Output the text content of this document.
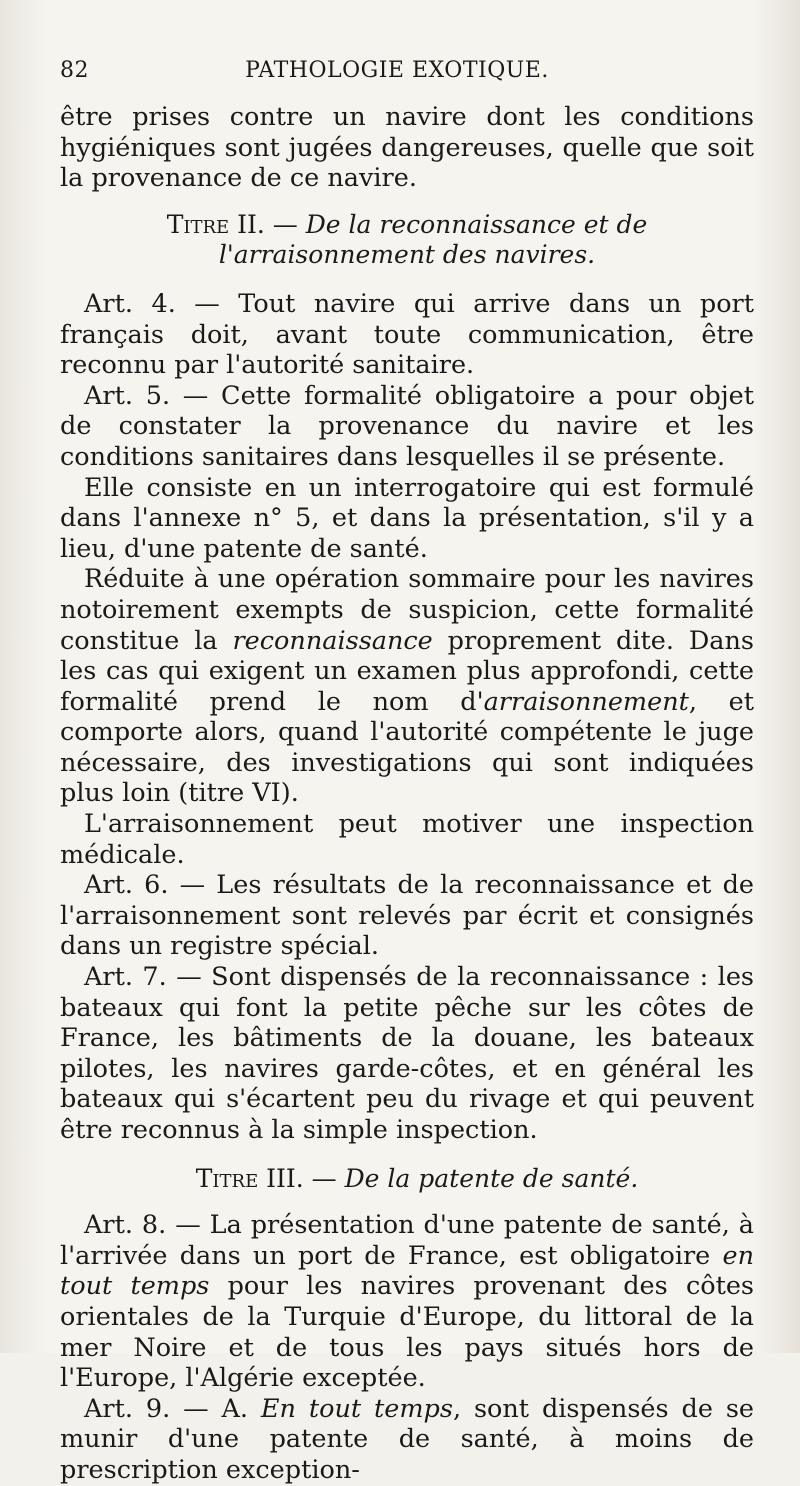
82	PATHOLOGIE EXOTIQUE.

être prises contre un navire dont les conditions hygiéniques sont jugées dangereuses, quelle que soit la provenance de ce navire.

Titre II. — De la reconnaissance et de l'arraisonnement des navires.

Art. 4. — Tout navire qui arrive dans un port français doit, avant toute communication, être reconnu par l'autorité sanitaire.

Art. 5. — Cette formalité obligatoire a pour objet de constater la provenance du navire et les conditions sanitaires dans lesquelles il se présente.

Elle consiste en un interrogatoire qui est formulé dans l'annexe n° 5, et dans la présentation, s'il y a lieu, d'une patente de santé.

Réduite à une opération sommaire pour les navires notoirement exempts de suspicion, cette formalité constitue la reconnaissance proprement dite. Dans les cas qui exigent un examen plus approfondi, cette formalité prend le nom d'arraisonnement, et comporte alors, quand l'autorité compétente le juge nécessaire, des investigations qui sont indiquées plus loin (titre VI).

L'arraisonnement peut motiver une inspection médicale.

Art. 6. — Les résultats de la reconnaissance et de l'arraisonnement sont relevés par écrit et consignés dans un registre spécial.

Art. 7. — Sont dispensés de la reconnaissance : les bateaux qui font la petite pêche sur les côtes de France, les bâtiments de la douane, les bateaux pilotes, les navires garde-côtes, et en général les bateaux qui s'écartent peu du rivage et qui peuvent être reconnus à la simple inspection.

Titre III. — De la patente de santé.

Art. 8. — La présentation d'une patente de santé, à l'arrivée dans un port de France, est obligatoire en tout temps pour les navires provenant des côtes orientales de la Turquie d'Europe, du littoral de la mer Noire et de tous les pays situés hors de l'Europe, l'Algérie exceptée.

Art. 9. — A. En tout temps, sont dispensés de se munir d'une patente de santé, à moins de prescription exception-
